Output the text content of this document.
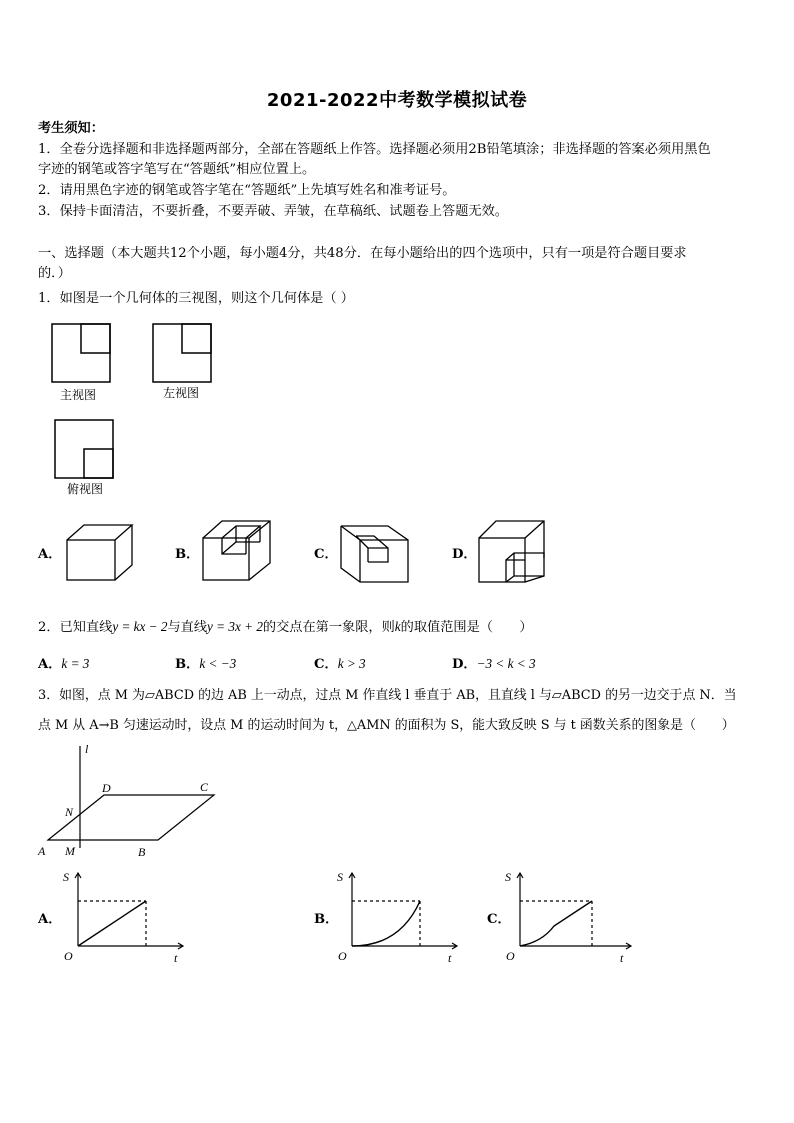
2021-2022中考数学模拟试卷
考生须知：
1．全卷分选择题和非选择题两部分，全部在答题纸上作答。选择题必须用2B铅笔填涂；非选择题的答案必须用黑色
字迹的钢笔或答字笔写在“答题纸”相应位置上。
2．请用黑色字迹的钢笔或答字笔在“答题纸”上先填写姓名和准考证号。
3．保持卡面清洁，不要折叠，不要弄破、弄皱，在草稿纸、试题卷上答题无效。
一、选择题（本大题共12个小题，每小题4分，共48分．在每小题给出的四个选项中，只有一项是符合题目要求
的．）
1．如图是一个几何体的三视图，则这个几何体是（ ）
主视图	左视图
俯视图
A．	B．	C．	D．
2．已知直线y = kx − 2与直线y = 3x + 2的交点在第一象限，则k的取值范围是（　　）
A．k = 3	B．k < −3	C．k > 3	D．−3 < k < 3
3．如图，点 M 为▱ABCD 的边 AB 上一动点，过点 M 作直线 l 垂直于 AB，且直线 l 与▱ABCD 的另一边交于点 N．当
点 M 从 A→B 匀速运动时，设点 M 的运动时间为 t，△AMN 的面积为 S，能大致反映 S 与 t 函数关系的图象是（　　）
l
D	C
N
A M	B
A．
S
O	t
B．
S
O	t
C．
S
O	t
